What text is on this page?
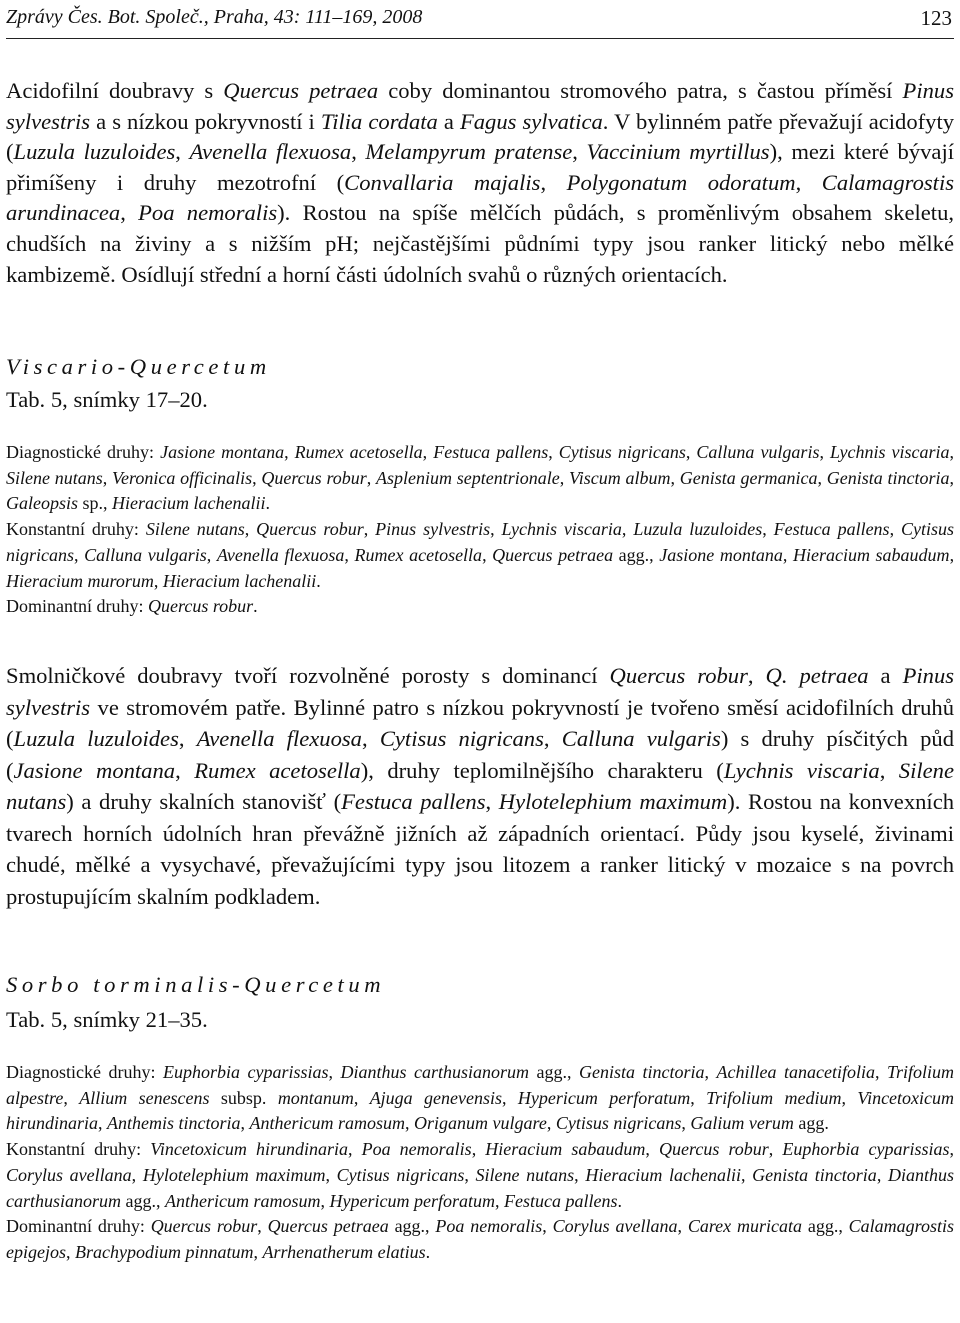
Zprávy Čes. Bot. Společ., Praha, 43: 111–169, 2008	123

Acidofilní doubravy s Quercus petraea coby dominantou stromového patra, s častou příměsí Pinus sylvestris a s nízkou pokryvností i Tilia cordata a Fagus sylvatica. V bylinném patře převažují acidofyty (Luzula luzuloides, Avenella flexuosa, Melampyrum pratense, Vaccinium myrtillus), mezi které bývají přimíšeny i druhy mezotrofní (Convallaria majalis, Polygonatum odoratum, Calamagrostis arundinacea, Poa nemoralis). Rostou na spíše mělčích půdách, s proměnlivým obsahem skeletu, chudších na živiny a s nižším pH; nejčastějšími půdními typy jsou ranker litický nebo mělké kambizemě. Osídlují střední a horní části údolních svahů o různých orientacích.

Viscario-Quercetum
Tab. 5, snímky 17–20.

Diagnostické druhy: Jasione montana, Rumex acetosella, Festuca pallens, Cytisus nigricans, Calluna vulgaris, Lychnis viscaria, Silene nutans, Veronica officinalis, Quercus robur, Asplenium septentrionale, Viscum album, Genista germanica, Genista tinctoria, Galeopsis sp., Hieracium lachenalii.

Konstantní druhy: Silene nutans, Quercus robur, Pinus sylvestris, Lychnis viscaria, Luzula luzuloides, Festuca pallens, Cytisus nigricans, Calluna vulgaris, Avenella flexuosa, Rumex acetosella, Quercus petraea agg., Jasione montana, Hieracium sabaudum, Hieracium murorum, Hieracium lachenalii.

Dominantní druhy: Quercus robur.

Smolničkové doubravy tvoří rozvolněné porosty s dominancí Quercus robur, Q. petraea a Pinus sylvestris ve stromovém patře. Bylinné patro s nízkou pokryvností je tvořeno směsí acidofilních druhů (Luzula luzuloides, Avenella flexuosa, Cytisus nigricans, Calluna vulgaris) s druhy písčitých půd (Jasione montana, Rumex acetosella), druhy teplomilnějšího charakteru (Lychnis viscaria, Silene nutans) a druhy skalních stanovišť (Festuca pallens, Hylotelephium maximum). Rostou na konvexních tvarech horních údolních hran převážně jižních až západních orientací. Půdy jsou kyselé, živinami chudé, mělké a vysychavé, převažujícími typy jsou litozem a ranker litický v mozaice s na povrch prostupujícím skalním podkladem.

Sorbo torminalis-Quercetum
Tab. 5, snímky 21–35.

Diagnostické druhy: Euphorbia cyparissias, Dianthus carthusianorum agg., Genista tinctoria, Achillea tanacetifolia, Trifolium alpestre, Allium senescens subsp. montanum, Ajuga genevensis, Hypericum perforatum, Trifolium medium, Vincetoxicum hirundinaria, Anthemis tinctoria, Anthericum ramosum, Origanum vulgare, Cytisus nigricans, Galium verum agg.

Konstantní druhy: Vincetoxicum hirundinaria, Poa nemoralis, Hieracium sabaudum, Quercus robur, Euphorbia cyparissias, Corylus avellana, Hylotelephium maximum, Cytisus nigricans, Silene nutans, Hieracium lachenalii, Genista tinctoria, Dianthus carthusianorum agg., Anthericum ramosum, Hypericum perforatum, Festuca pallens.

Dominantní druhy: Quercus robur, Quercus petraea agg., Poa nemoralis, Corylus avellana, Carex muricata agg., Calamagrostis epigejos, Brachypodium pinnatum, Arrhenatherum elatius.
